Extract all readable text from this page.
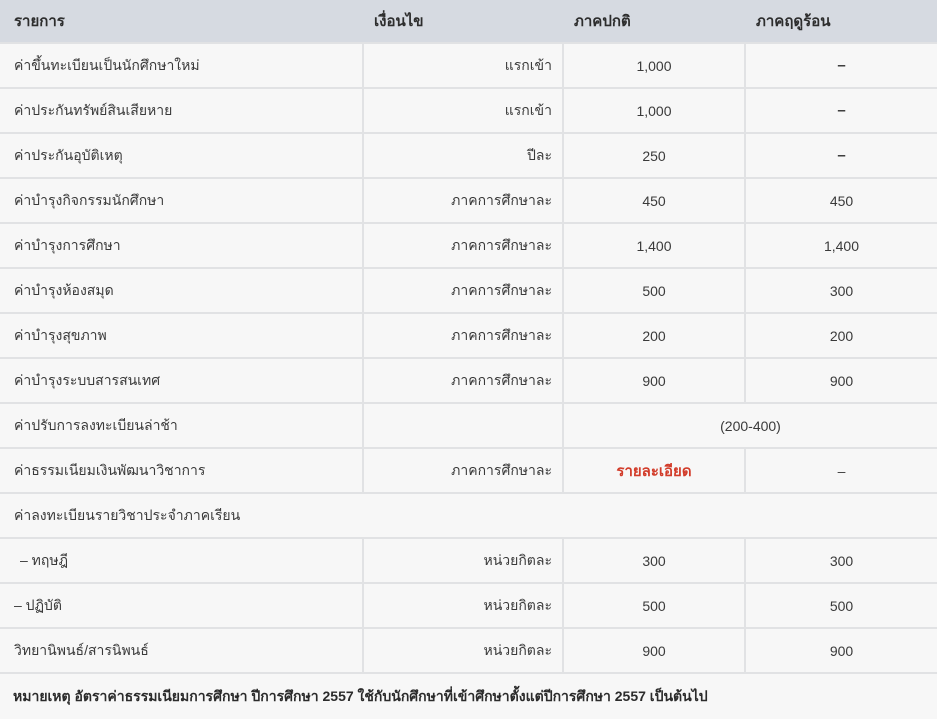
รายการ	เงื่อนไข	ภาคปกติ	ภาคฤดูร้อน
ค่าขึ้นทะเบียนเป็นนักศึกษาใหม่	แรกเข้า	1,000	–
ค่าประกันทรัพย์สินเสียหาย	แรกเข้า	1,000	–
ค่าประกันอุบัติเหตุ	ปีละ	250	–
ค่าบำรุงกิจกรรมนักศึกษา	ภาคการศึกษาละ	450	450
ค่าบำรุงการศึกษา	ภาคการศึกษาละ	1,400	1,400
ค่าบำรุงห้องสมุด	ภาคการศึกษาละ	500	300
ค่าบำรุงสุขภาพ	ภาคการศึกษาละ	200	200
ค่าบำรุงระบบสารสนเทศ	ภาคการศึกษาละ	900	900
ค่าปรับการลงทะเบียนล่าช้า		(200-400)	
ค่าธรรมเนียมเงินพัฒนาวิชาการ	ภาคการศึกษาละ	รายละเอียด	–
ค่าลงทะเบียนรายวิชาประจำภาคเรียน			
– ทฤษฎี	หน่วยกิตละ	300	300
– ปฏิบัติ	หน่วยกิตละ	500	500
วิทยานิพนธ์/สารนิพนธ์	หน่วยกิตละ	900	900
หมายเหตุ อัตราค่าธรรมเนียมการศึกษา ปีการศึกษา 2557 ใช้กับนักศึกษาที่เข้าศึกษาตั้งแต่ปีการศึกษา 2557 เป็นต้นไป
